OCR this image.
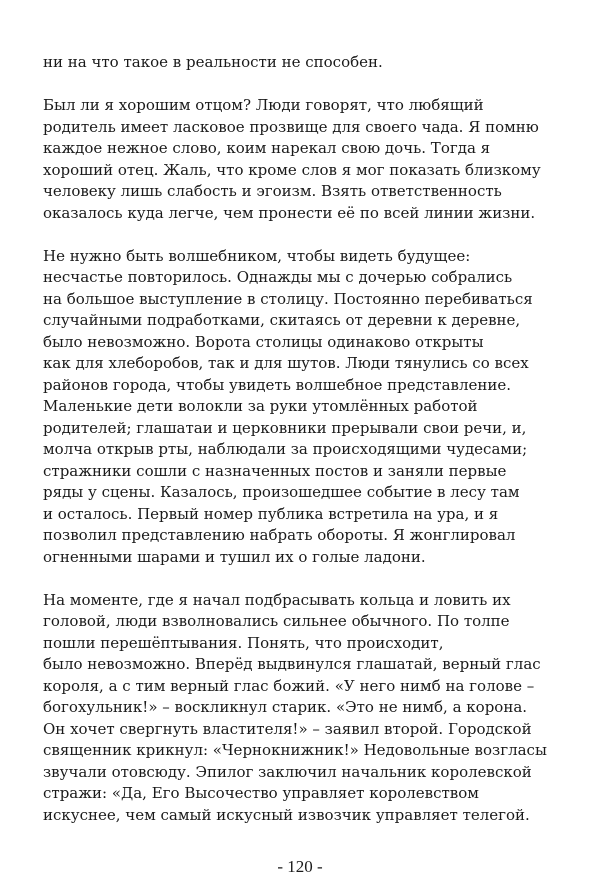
ни на что такое в реальности не способен.
Был ли я хорошим отцом? Люди говорят, что любящий
родитель имеет ласковое прозвище для своего чада. Я помню
каждое нежное слово, коим нарекал свою дочь. Тогда я
хороший отец. Жаль, что кроме слов я мог показать близкому
человеку лишь слабость и эгоизм. Взять ответственность
оказалось куда легче, чем пронести её по всей линии жизни.
Не нужно быть волшебником, чтобы видеть будущее:
несчастье повторилось. Однажды мы с дочерью собрались
на большое выступление в столицу. Постоянно перебиваться
случайными подработками, скитаясь от деревни к деревне,
было невозможно. Ворота столицы одинаково открыты
как для хлеборобов, так и для шутов. Люди тянулись со всех
районов города, чтобы увидеть волшебное представление.
Маленькие дети волокли за руки утомлённых работой
родителей; глашатаи и церковники прерывали свои речи, и,
молча открыв рты, наблюдали за происходящими чудесами;
стражники сошли с назначенных постов и заняли первые
ряды у сцены. Казалось, произошедшее событие в лесу там
и осталось. Первый номер публика встретила на ура, и я
позволил представлению набрать обороты. Я жонглировал
огненными шарами и тушил их о голые ладони.
На моменте, где я начал подбрасывать кольца и ловить их
головой, люди взволновались сильнее обычного. По толпе
пошли перешёптывания. Понять, что происходит,
было невозможно. Вперёд выдвинулся глашатай, верный глас
короля, а с тим верный глас божий. «У него нимб на голове –
богохульник!» – воскликнул старик. «Это не нимб, а корона.
Он хочет свергнуть властителя!» – заявил второй. Городской
священник крикнул: «Чернокнижник!» Недовольные возгласы
звучали отовсюду. Эпилог заключил начальник королевской
стражи: «Да, Его Высочество управляет королевством
искуснее, чем самый искусный извозчик управляет телегой.
- 120 -
